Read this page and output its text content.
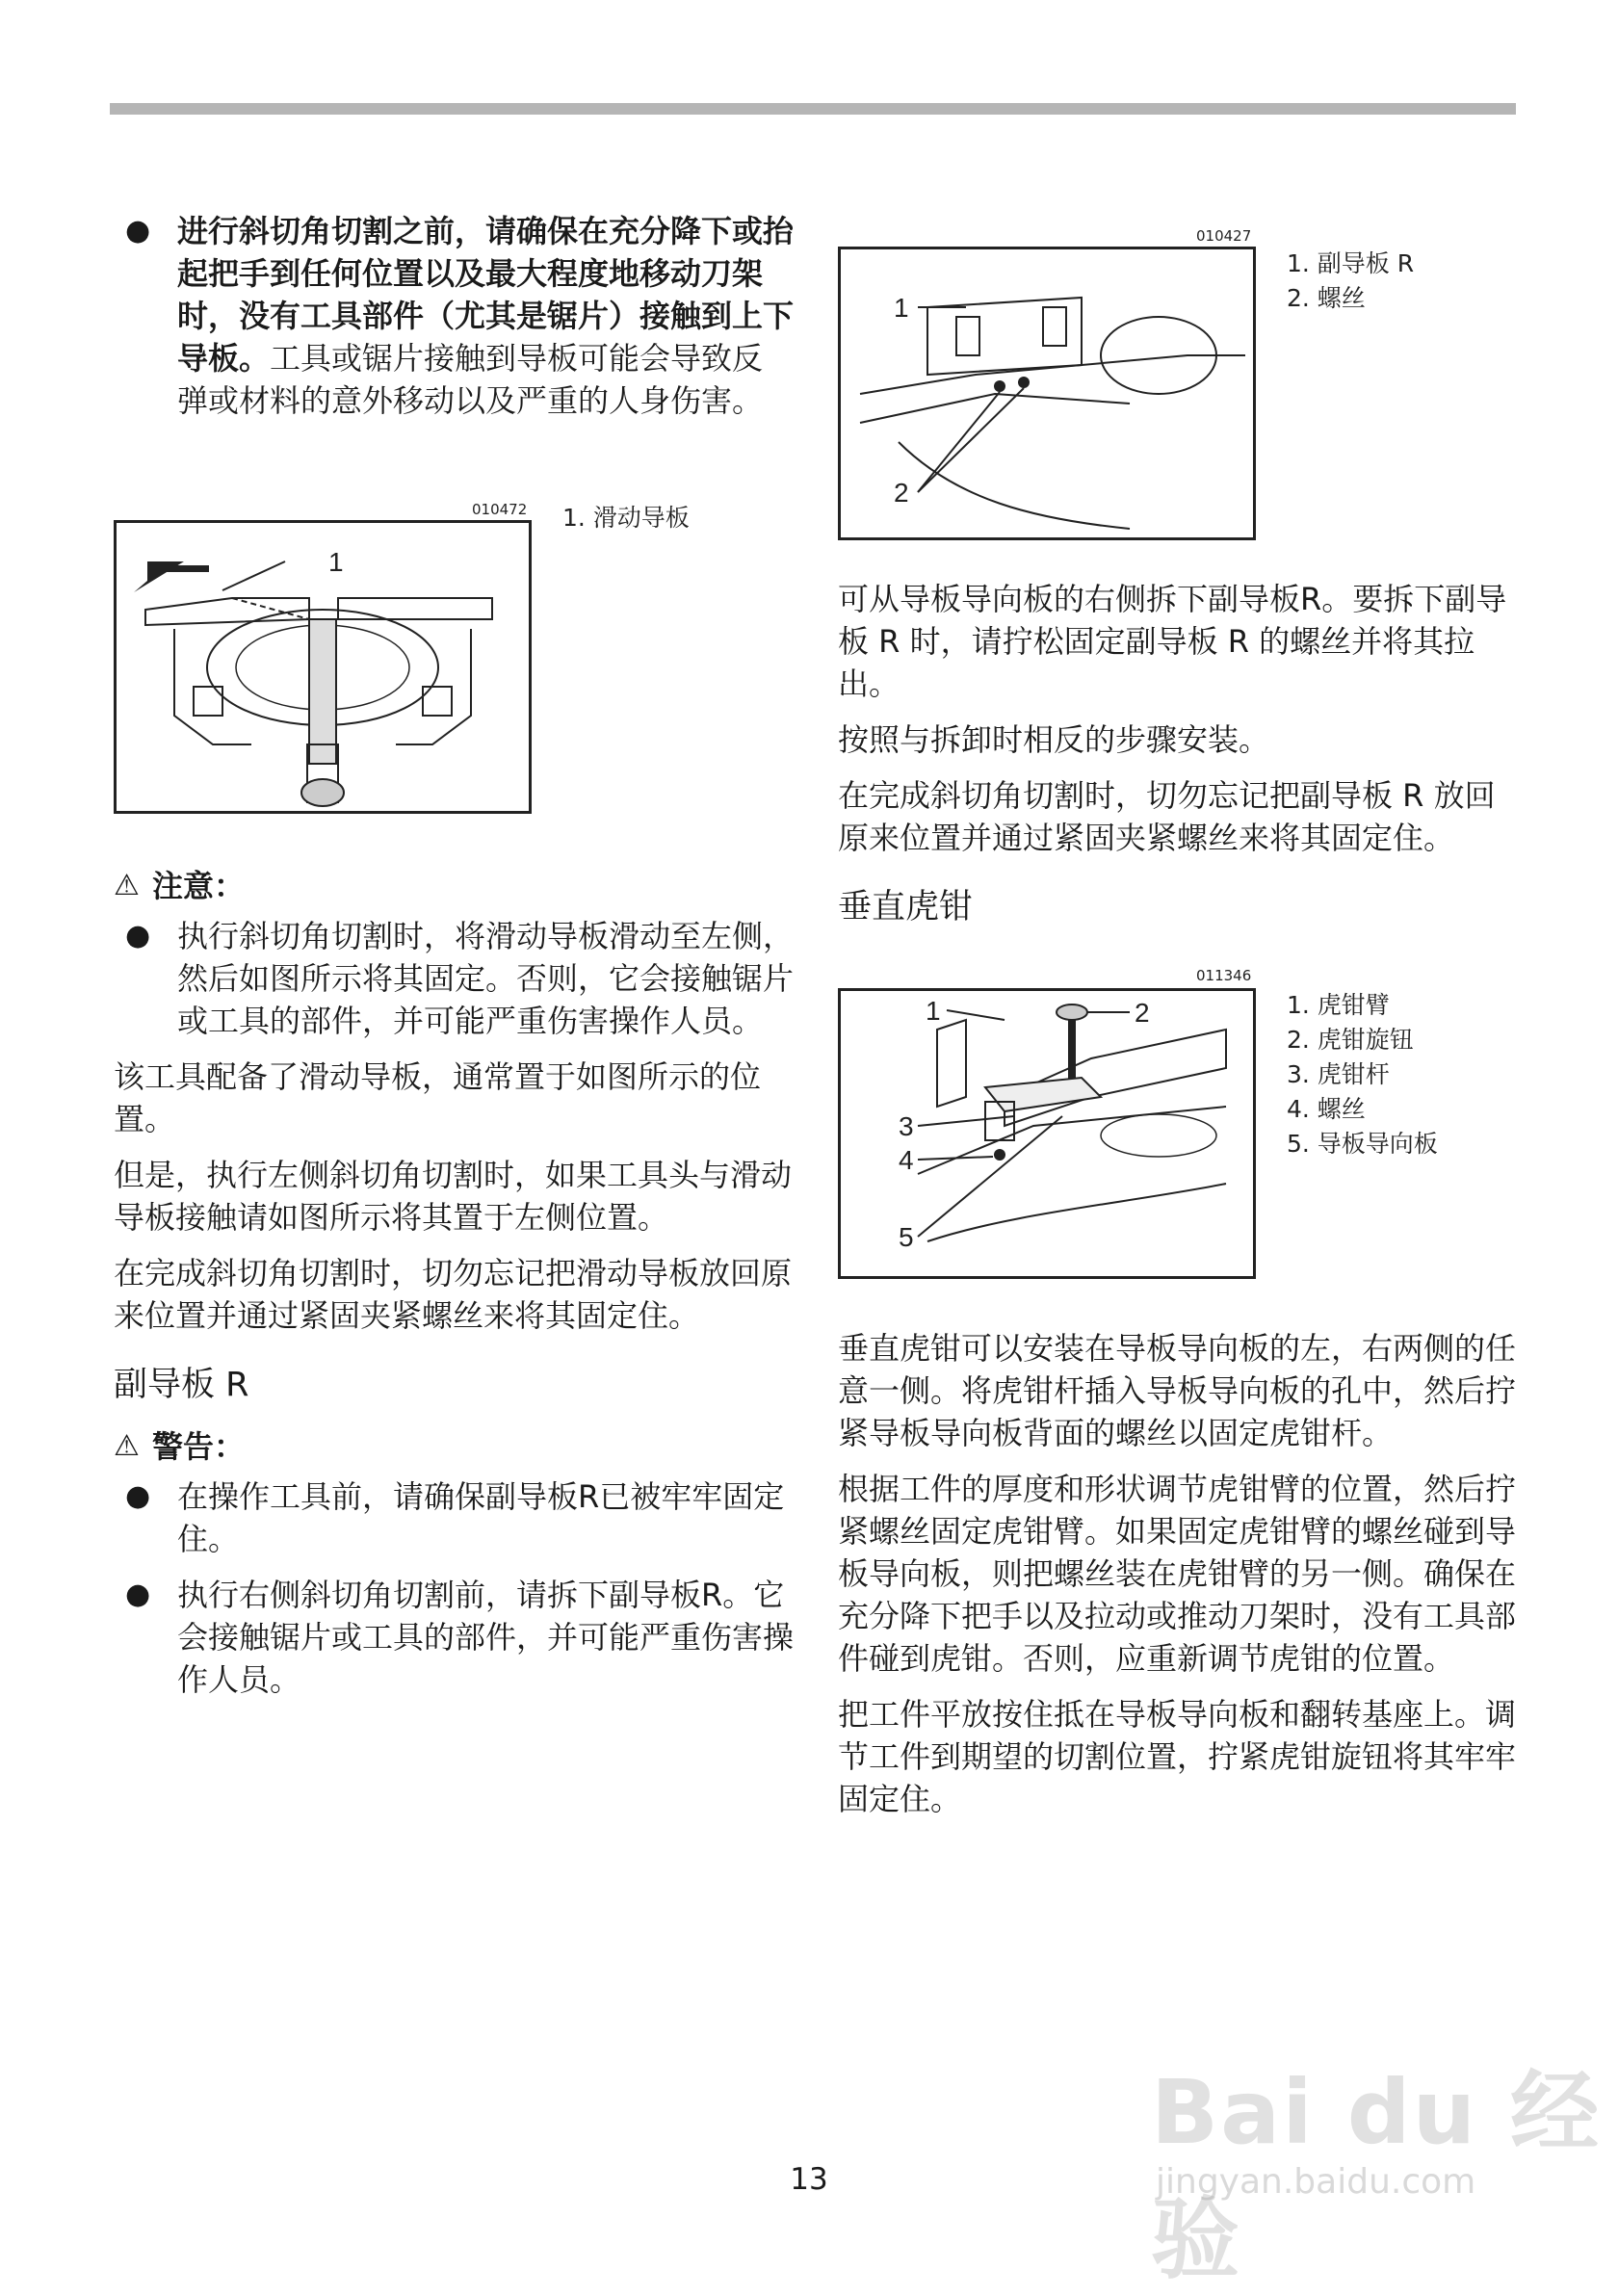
● 进行斜切角切割之前，请确保在充分降下或抬起把手到任何位置以及最大程度地移动刀架时，没有工具部件（尤其是锯片）接触到上下导板。工具或锯片接触到导板可能会导致反弹或材料的意外移动以及严重的人身伤害。
010472
1
1. 滑动导板
⚠ 注意：
● 执行斜切角切割时，将滑动导板滑动至左侧，然后如图所示将其固定。否则，它会接触锯片或工具的部件，并可能严重伤害操作人员。

该工具配备了滑动导板，通常置于如图所示的位置。

但是，执行左侧斜切角切割时，如果工具头与滑动导板接触请如图所示将其置于左侧位置。

在完成斜切角切割时，切勿忘记把滑动导板放回原来位置并通过紧固夹紧螺丝来将其固定住。

副导板 R
⚠ 警告：
● 在操作工具前，请确保副导板R已被牢牢固定住。
● 执行右侧斜切角切割前，请拆下副导板R。它会接触锯片或工具的部件，并可能严重伤害操作人员。
010427
1
2
1. 副导板 R
2. 螺丝

可从导板导向板的右侧拆下副导板R。要拆下副导板 R 时，请拧松固定副导板 R 的螺丝并将其拉出。

按照与拆卸时相反的步骤安装。

在完成斜切角切割时，切勿忘记把副导板 R 放回原来位置并通过紧固夹紧螺丝来将其固定住。

垂直虎钳
011346
1	2
3
4
5
1. 虎钳臂
2. 虎钳旋钮
3. 虎钳杆
4. 螺丝
5. 导板导向板

垂直虎钳可以安装在导板导向板的左，右两侧的任意一侧。将虎钳杆插入导板导向板的孔中，然后拧紧导板导向板背面的螺丝以固定虎钳杆。

根据工件的厚度和形状调节虎钳臂的位置，然后拧紧螺丝固定虎钳臂。如果固定虎钳臂的螺丝碰到导板导向板，则把螺丝装在虎钳臂的另一侧。确保在充分降下把手以及拉动或推动刀架时，没有工具部件碰到虎钳。否则，应重新调节虎钳的位置。

把工件平放按住抵在导板导向板和翻转基座上。调节工件到期望的切割位置，拧紧虎钳旋钮将其牢牢固定住。

13
Bai du 经验
jingyan.baidu.com
